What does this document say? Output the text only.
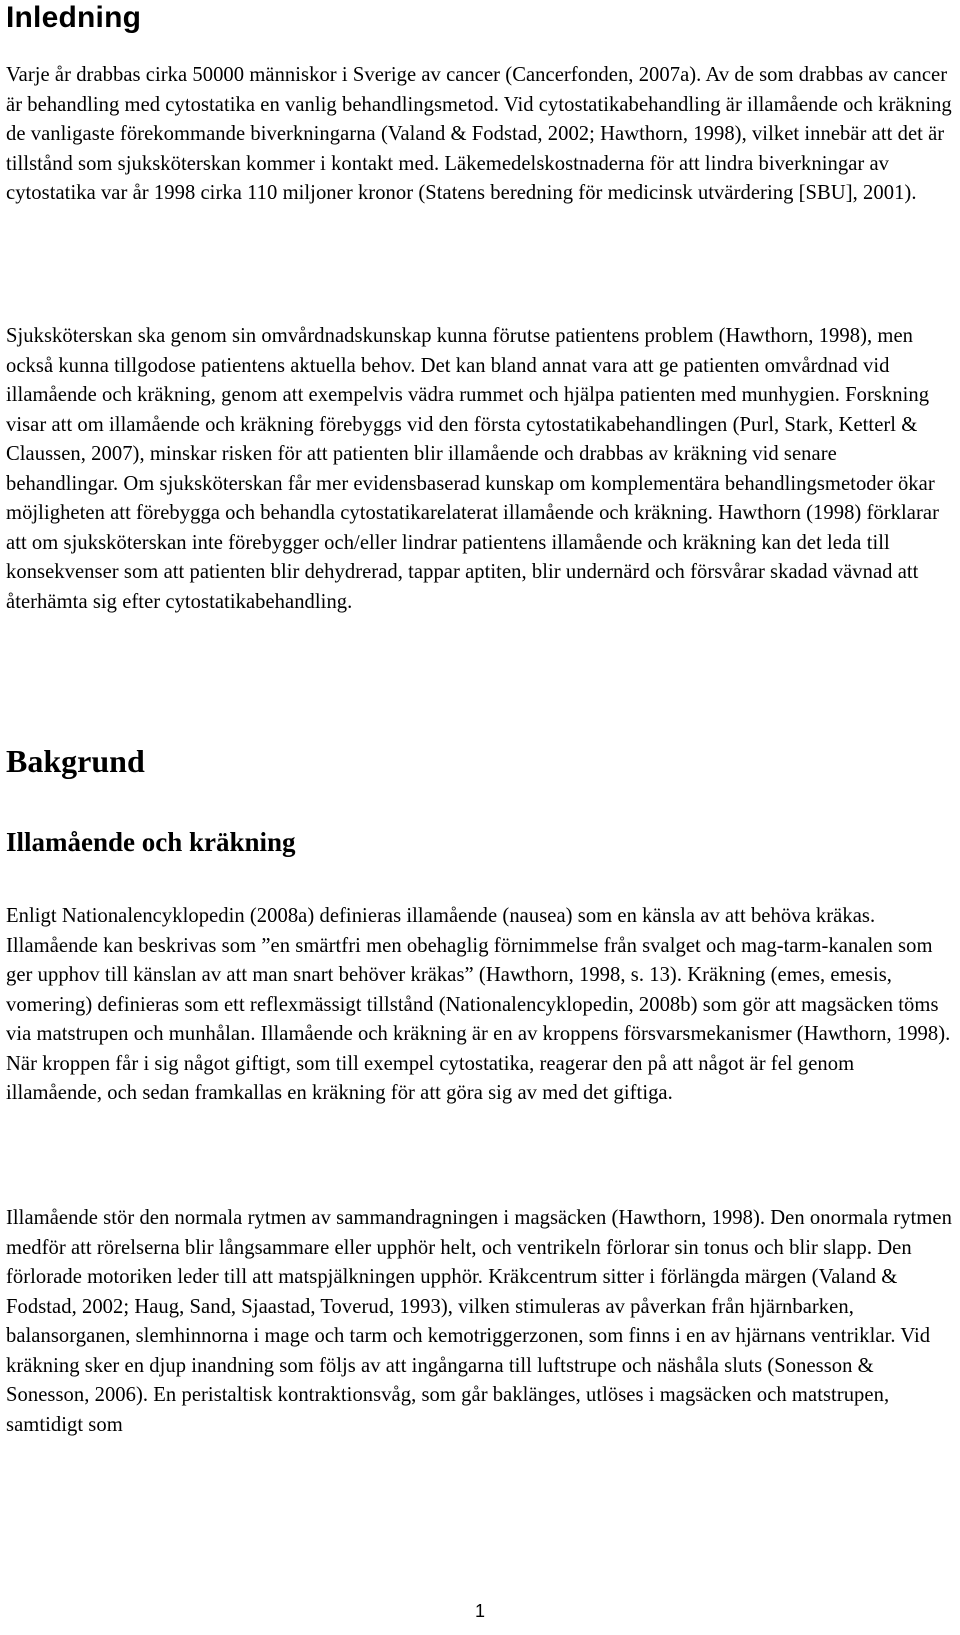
Inledning

Varje år drabbas cirka 50000 människor i Sverige av cancer (Cancerfonden, 2007a). Av de som drabbas av cancer är behandling med cytostatika en vanlig behandlingsmetod. Vid cytostatikabehandling är illamående och kräkning de vanligaste förekommande biverkningarna (Valand & Fodstad, 2002; Hawthorn, 1998), vilket innebär att det är tillstånd som sjuksköterskan kommer i kontakt med. Läkemedelskostnaderna för att lindra biverkningar av cytostatika var år 1998 cirka 110 miljoner kronor (Statens beredning för medicinsk utvärdering [SBU], 2001).

Sjuksköterskan ska genom sin omvårdnadskunskap kunna förutse patientens problem (Hawthorn, 1998), men också kunna tillgodose patientens aktuella behov. Det kan bland annat vara att ge patienten omvårdnad vid illamående och kräkning, genom att exempelvis vädra rummet och hjälpa patienten med munhygien. Forskning visar att om illamående och kräkning förebyggs vid den första cytostatikabehandlingen (Purl, Stark, Ketterl & Claussen, 2007), minskar risken för att patienten blir illamående och drabbas av kräkning vid senare behandlingar. Om sjuksköterskan får mer evidensbaserad kunskap om komplementära behandlingsmetoder ökar möjligheten att förebygga och behandla cytostatikarelaterat illamående och kräkning. Hawthorn (1998) förklarar att om sjuksköterskan inte förebygger och/eller lindrar patientens illamående och kräkning kan det leda till konsekvenser som att patienten blir dehydrerad, tappar aptiten, blir undernärd och försvårar skadad vävnad att återhämta sig efter cytostatikabehandling.

Bakgrund
Illamående och kräkning

Enligt Nationalencyklopedin (2008a) definieras illamående (nausea) som en känsla av att behöva kräkas. Illamående kan beskrivas som ”en smärtfri men obehaglig förnimmelse från svalget och mag-tarm-kanalen som ger upphov till känslan av att man snart behöver kräkas” (Hawthorn, 1998, s. 13). Kräkning (emes, emesis, vomering) definieras som ett reflexmässigt tillstånd (Nationalencyklopedin, 2008b) som gör att magsäcken töms via matstrupen och munhålan. Illamående och kräkning är en av kroppens försvarsmekanismer (Hawthorn, 1998). När kroppen får i sig något giftigt, som till exempel cytostatika, reagerar den på att något är fel genom illamående, och sedan framkallas en kräkning för att göra sig av med det giftiga.

Illamående stör den normala rytmen av sammandragningen i magsäcken (Hawthorn, 1998). Den onormala rytmen medför att rörelserna blir långsammare eller upphör helt, och ventrikeln förlorar sin tonus och blir slapp. Den förlorade motoriken leder till att matspjälkningen upphör. Kräkcentrum sitter i förlängda märgen (Valand & Fodstad, 2002; Haug, Sand, Sjaastad, Toverud, 1993), vilken stimuleras av påverkan från hjärnbarken, balansorganen, slemhinnorna i mage och tarm och kemotriggerzonen, som finns i en av hjärnans ventriklar. Vid kräkning sker en djup inandning som följs av att ingångarna till luftstrupe och näshåla sluts (Sonesson & Sonesson, 2006). En peristaltisk kontraktionsvåg, som går baklänges, utlöses i magsäcken och matstrupen, samtidigt som

1
